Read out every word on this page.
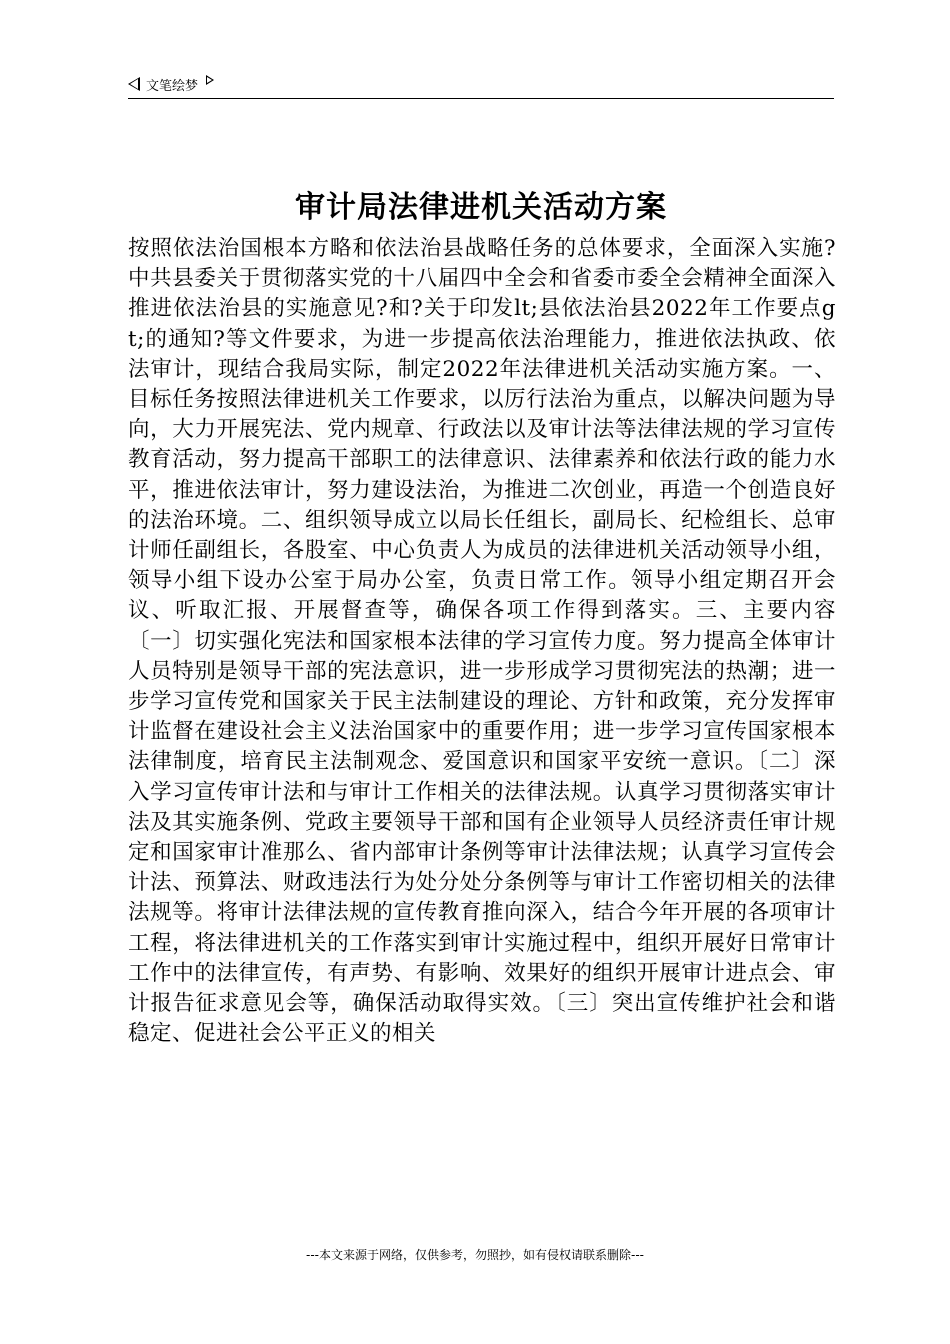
文笔绘梦
审计局法律进机关活动方案

按照依法治国根本方略和依法治县战略任务的总体要求，全面深入实施?中共县委关于贯彻落实党的十八届四中全会和省委市委全会精神全面深入推进依法治县的实施意见?和?关于印发lt;县依法治县2022年工作要点gt;的通知?等文件要求，为进一步提高依法治理能力，推进依法执政、依法审计，现结合我局实际，制定2022年法律进机关活动实施方案。一、目标任务按照法律进机关工作要求，以厉行法治为重点，以解决问题为导向，大力开展宪法、党内规章、行政法以及审计法等法律法规的学习宣传教育活动，努力提高干部职工的法律意识、法律素养和依法行政的能力水平，推进依法审计，努力建设法治，为推进二次创业，再造一个创造良好的法治环境。二、组织领导成立以局长任组长，副局长、纪检组长、总审计师任副组长，各股室、中心负责人为成员的法律进机关活动领导小组，领导小组下设办公室于局办公室，负责日常工作。领导小组定期召开会议、听取汇报、开展督查等，确保各项工作得到落实。三、主要内容〔一〕切实强化宪法和国家根本法律的学习宣传力度。努力提高全体审计人员特别是领导干部的宪法意识，进一步形成学习贯彻宪法的热潮；进一步学习宣传党和国家关于民主法制建设的理论、方针和政策，充分发挥审计监督在建设社会主义法治国家中的重要作用；进一步学习宣传国家根本法律制度，培育民主法制观念、爱国意识和国家平安统一意识。〔二〕深入学习宣传审计法和与审计工作相关的法律法规。认真学习贯彻落实审计法及其实施条例、党政主要领导干部和国有企业领导人员经济责任审计规定和国家审计准那么、省内部审计条例等审计法律法规；认真学习宣传会计法、预算法、财政违法行为处分处分条例等与审计工作密切相关的法律法规等。将审计法律法规的宣传教育推向深入，结合今年开展的各项审计工程，将法律进机关的工作落实到审计实施过程中，组织开展好日常审计工作中的法律宣传，有声势、有影响、效果好的组织开展审计进点会、审计报告征求意见会等，确保活动取得实效。〔三〕突出宣传维护社会和谐稳定、促进社会公平正义的相关

---本文来源于网络，仅供参考，勿照抄，如有侵权请联系删除---
